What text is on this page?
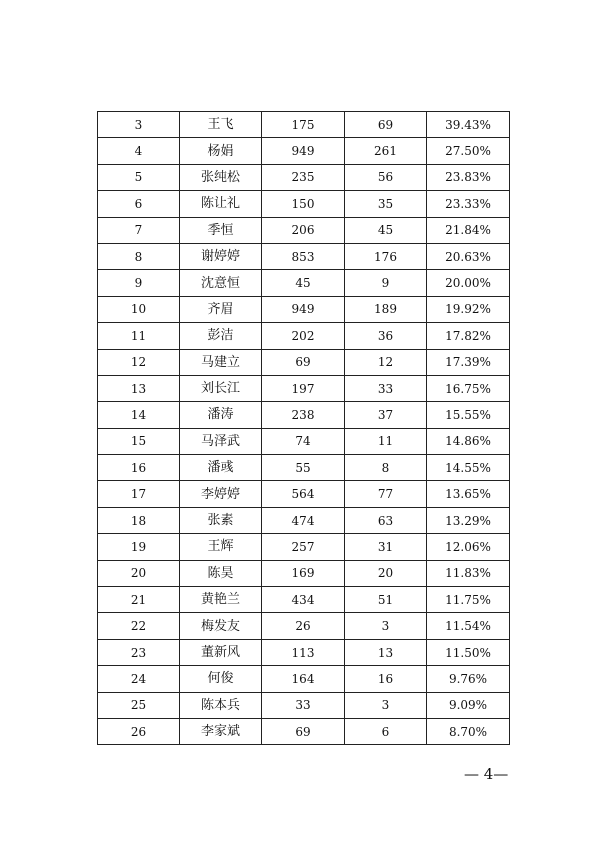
3	王飞	175	69	39.43%
4	杨娟	949	261	27.50%
5	张纯松	235	56	23.83%
6	陈让礼	150	35	23.33%
7	季恒	206	45	21.84%
8	谢婷婷	853	176	20.63%
9	沈意恒	45	9	20.00%
10	齐眉	949	189	19.92%
11	彭洁	202	36	17.82%
12	马建立	69	12	17.39%
13	刘长江	197	33	16.75%
14	潘涛	238	37	15.55%
15	马泽武	74	11	14.86%
16	潘彧	55	8	14.55%
17	李婷婷	564	77	13.65%
18	张素	474	63	13.29%
19	王辉	257	31	12.06%
20	陈昊	169	20	11.83%
21	黄艳兰	434	51	11.75%
22	梅发友	26	3	11.54%
23	董新风	113	13	11.50%
24	何俊	164	16	9.76%
25	陈本兵	33	3	9.09%
26	李家斌	69	6	8.70%
— 4—
